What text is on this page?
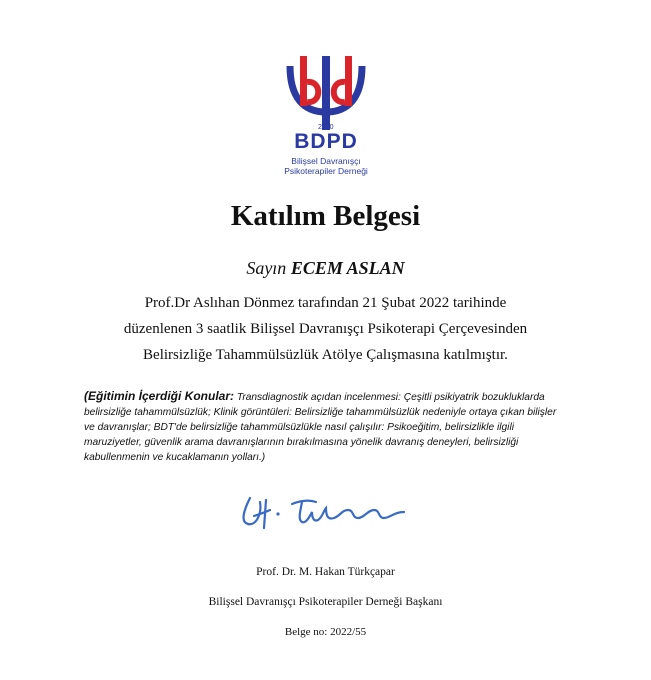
2010
BDPD
Bilişsel Davranışçı
Psikoterapiler Derneği
Katılım Belgesi
Sayın ECEM ASLAN
Prof.Dr Aslıhan Dönmez tarafından 21 Şubat 2022 tarihinde
düzenlenen 3 saatlik Bilişsel Davranışçı Psikoterapi Çerçevesinden
Belirsizliğe Tahammülsüzlük Atölye Çalışmasına katılmıştır.
(Eğitimin İçerdiği Konular: Transdiagnostik açıdan incelenmesi: Çeşitli psikiyatrik bozukluklarda belirsizliğe tahammülsüzlük; Klinik görüntüleri: Belirsizliğe tahammülsüzlük nedeniyle ortaya çıkan bilişler ve davranışlar; BDT'de belirsizliğe tahammülsüzlükle nasıl çalışılır: Psikoeğitim, belirsizlikle ilgili maruziyetler, güvenlik arama davranışlarının bırakılmasına yönelik davranış deneyleri, belirsizliği kabullenmenin ve kucaklamanın yolları.)
Prof. Dr. M. Hakan Türkçapar
Bilişsel Davranışçı Psikoterapiler Derneği Başkanı
Belge no: 2022/55
